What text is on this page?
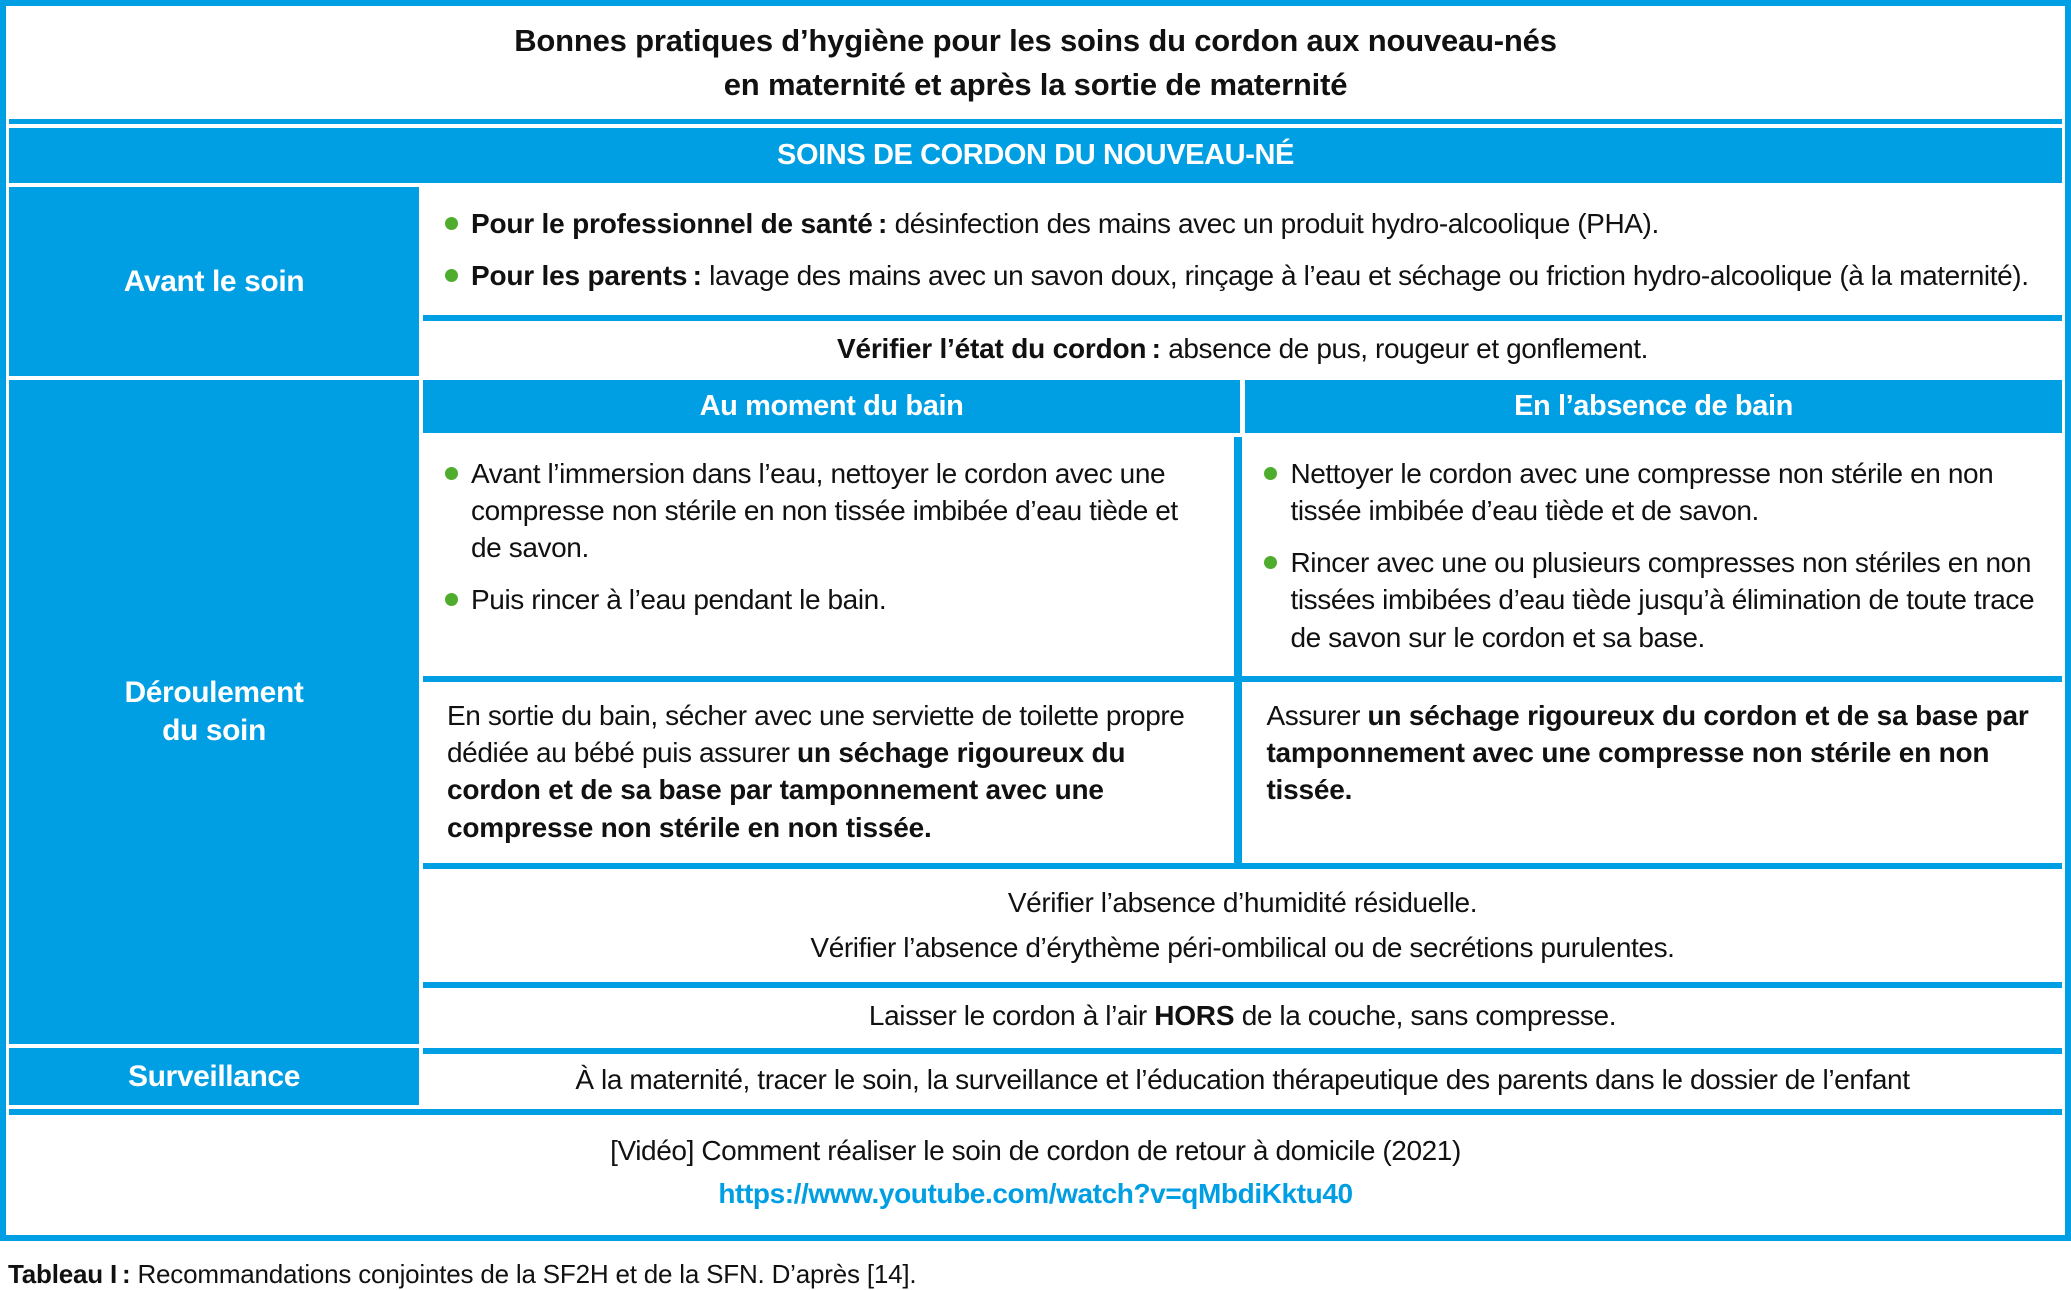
Bonnes pratiques d’hygiène pour les soins du cordon aux nouveau-nés
en maternité et après la sortie de maternité
SOINS DE CORDON DU NOUVEAU-NÉ
Avant le soin
Pour le professionnel de santé : désinfection des mains avec un produit hydro-alcoolique (PHA).
Pour les parents : lavage des mains avec un savon doux, rinçage à l’eau et séchage ou friction hydro-alcoolique (à la maternité).
Vérifier l’état du cordon : absence de pus, rougeur et gonflement.
Déroulement
du soin
Au moment du bain	En l’absence de bain
Avant l’immersion dans l’eau, nettoyer le cordon avec une compresse non stérile en non tissée imbibée d’eau tiède et de savon.
Puis rincer à l’eau pendant le bain.
Nettoyer le cordon avec une compresse non stérile en non tissée imbibée d’eau tiède et de savon.
Rincer avec une ou plusieurs compresses non stériles en non tissées imbibées d’eau tiède jusqu’à élimination de toute trace de savon sur le cordon et sa base.
En sortie du bain, sécher avec une serviette de toilette propre dédiée au bébé puis assurer un séchage rigoureux du cordon et de sa base par tamponnement avec une compresse non stérile en non tissée.
Assurer un séchage rigoureux du cordon et de sa base par tamponnement avec une compresse non stérile en non tissée.
Vérifier l’absence d’humidité résiduelle.
Vérifier l’absence d’érythème péri-ombilical ou de secrétions purulentes.
Laisser le cordon à l’air HORS de la couche, sans compresse.
Surveillance	À la maternité, tracer le soin, la surveillance et l’éducation thérapeutique des parents dans le dossier de l’enfant
[Vidéo] Comment réaliser le soin de cordon de retour à domicile (2021)
https://www.youtube.com/watch?v=qMbdiKktu40
Tableau I : Recommandations conjointes de la SF2H et de la SFN. D’après [14].
